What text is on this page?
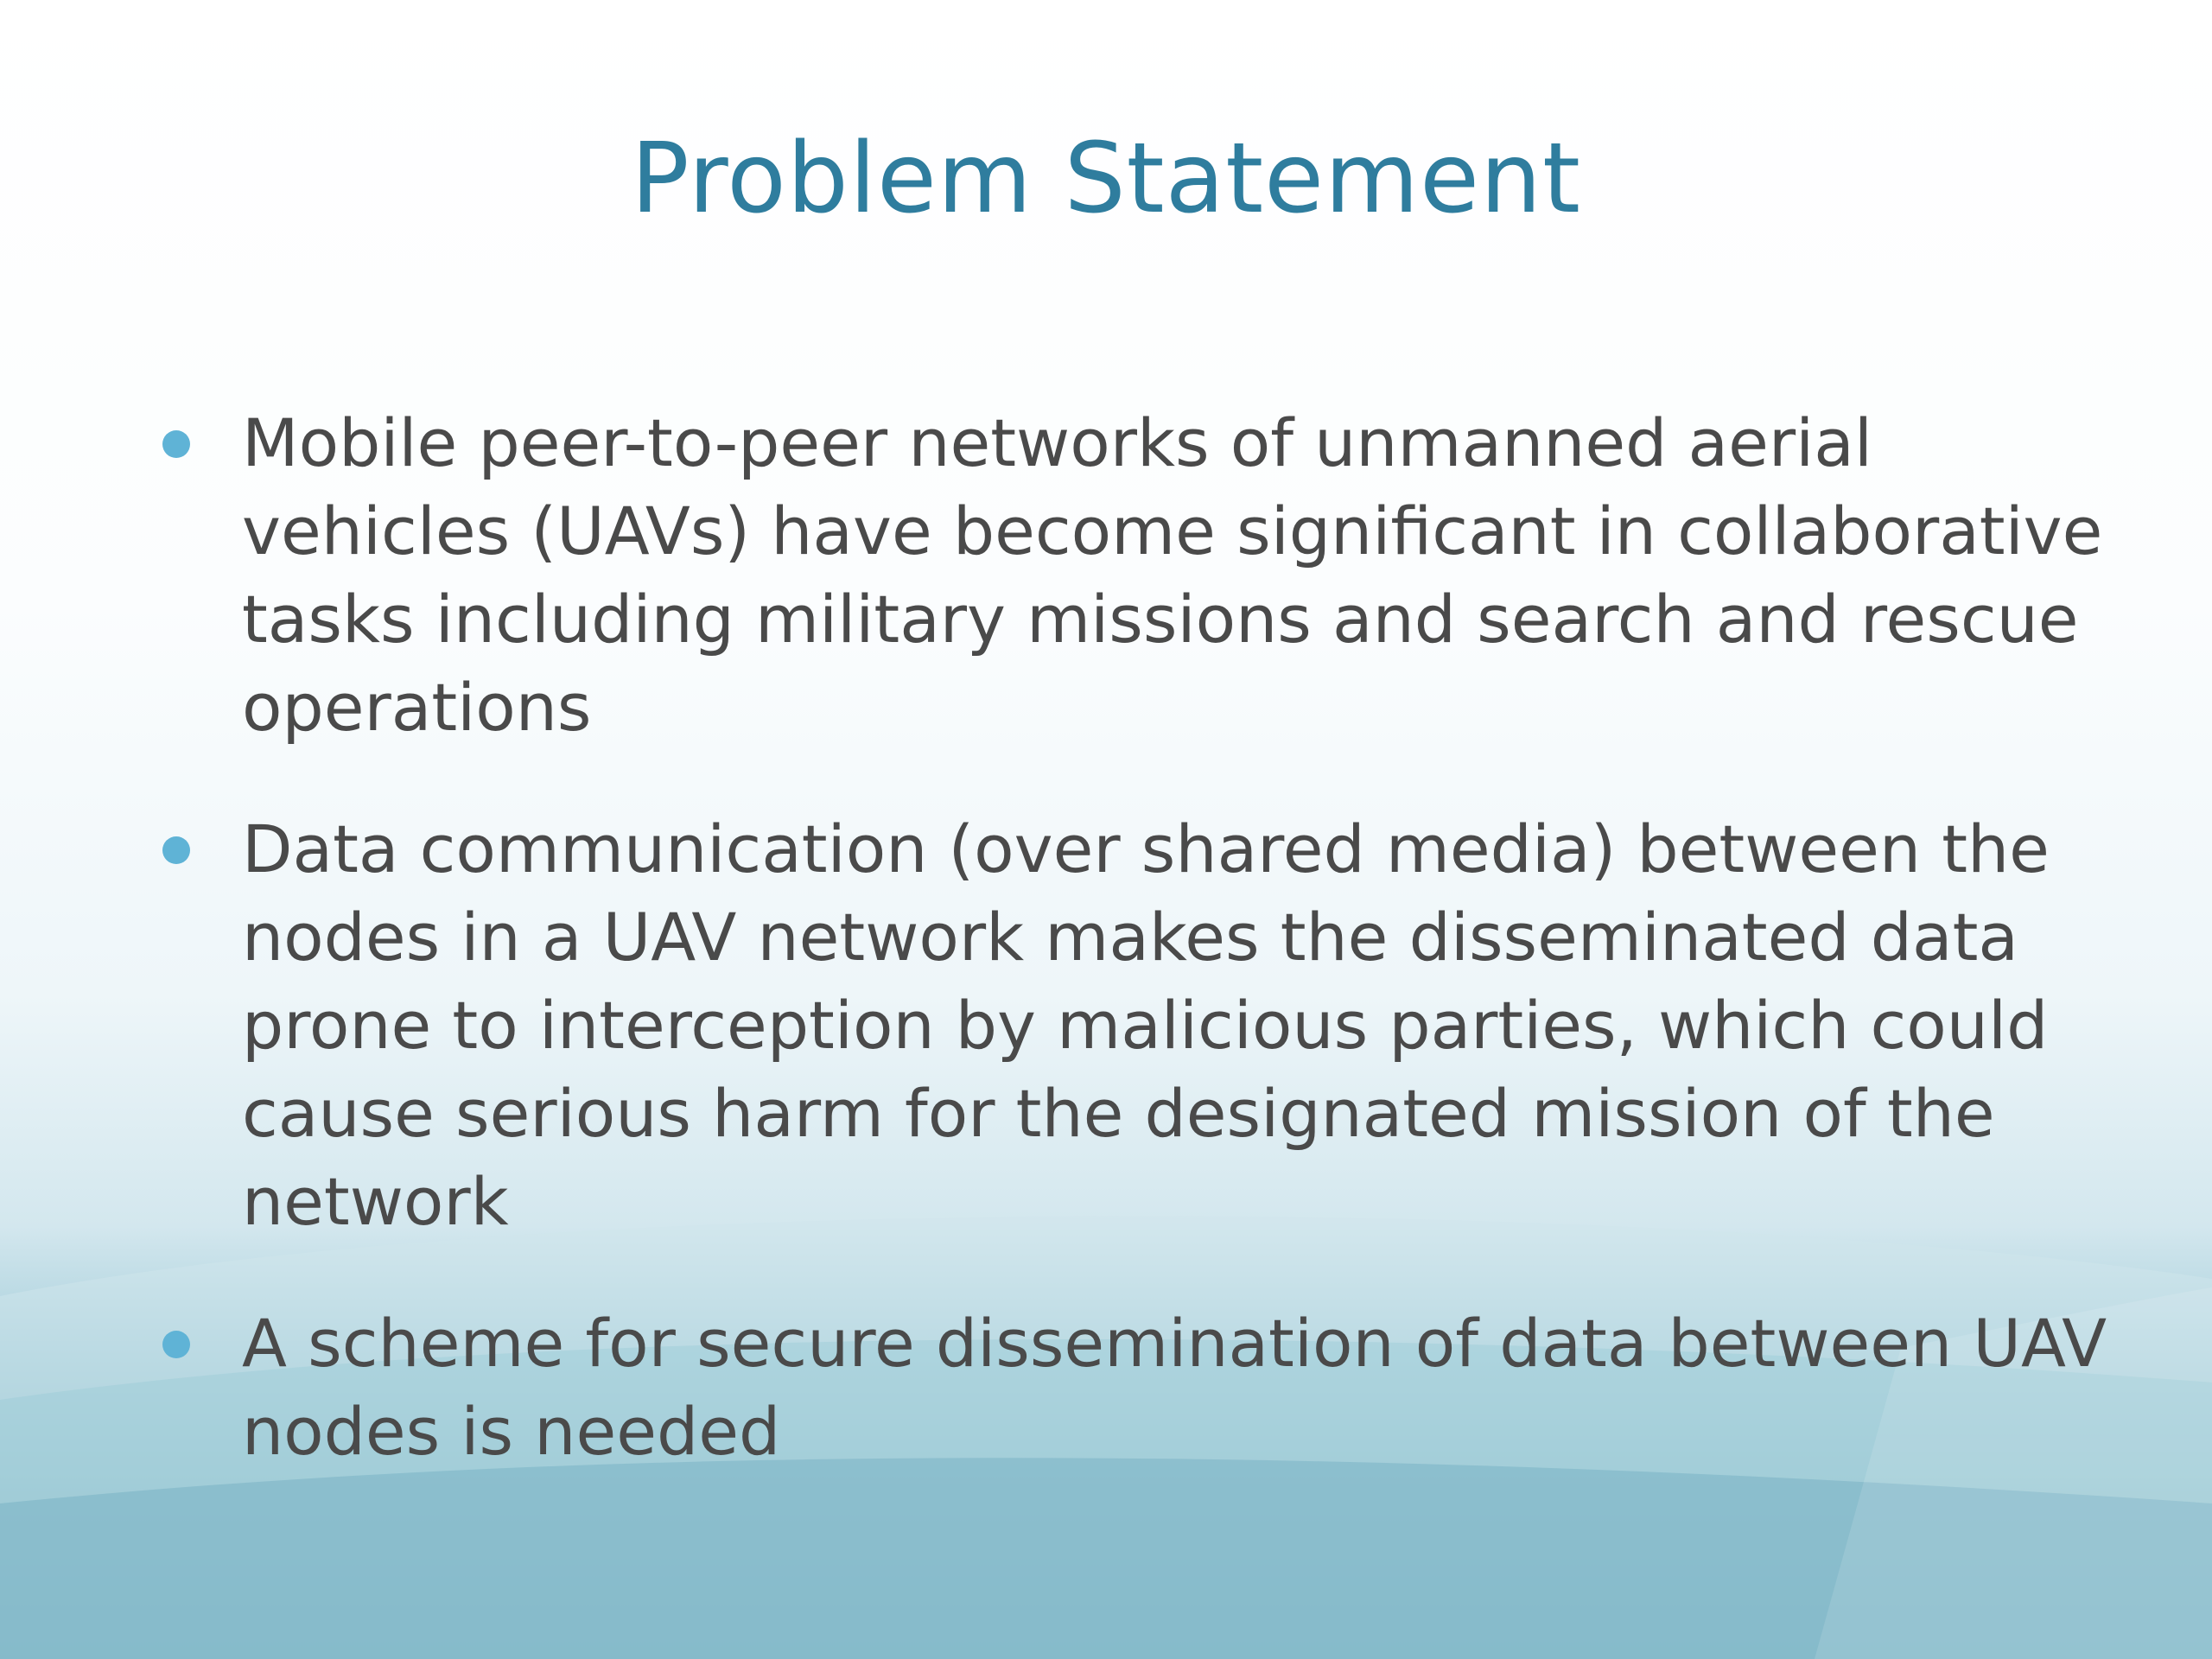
Problem Statement
Mobile peer-to-peer networks of unmanned aerial vehicles (UAVs) have become significant in collaborative tasks including military missions and search and rescue operations
Data communication (over shared media) between the nodes in a UAV network makes the disseminated data prone to interception by malicious parties, which could cause serious harm for the designated mission of the network
A scheme for secure dissemination of data between UAV nodes is needed
